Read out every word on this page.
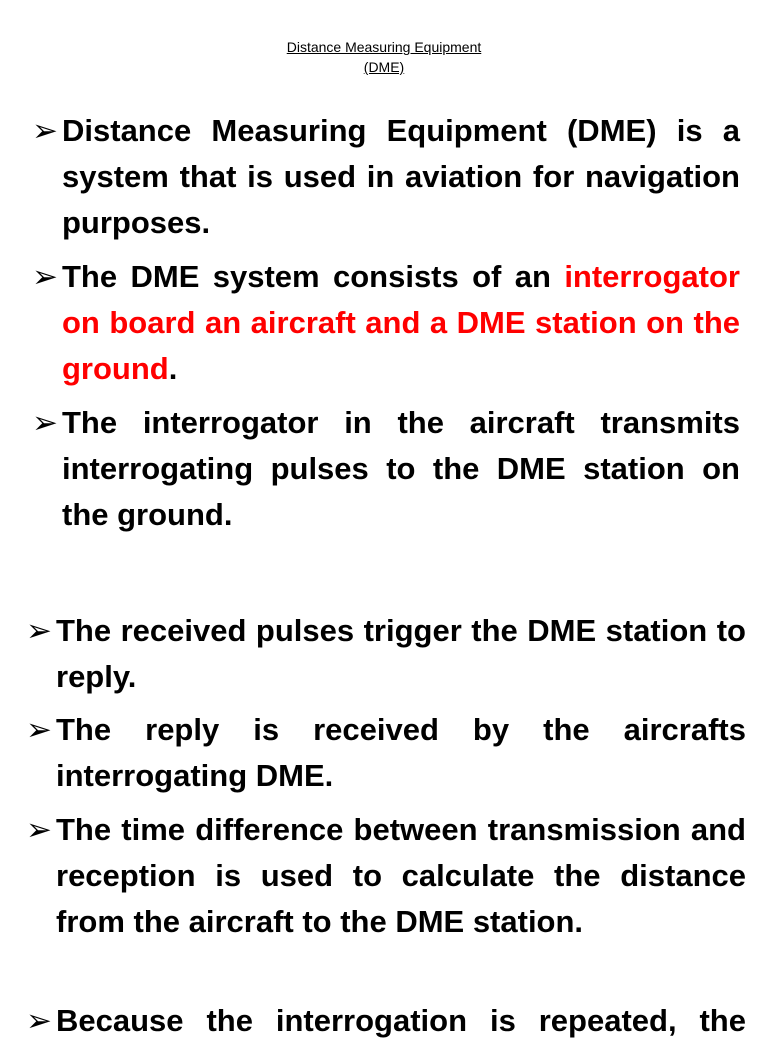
Distance Measuring Equipment
(DME)
➢ Distance Measuring Equipment (DME) is a system that is used in aviation for navigation purposes.
➢ The DME system consists of an interrogator on board an aircraft and a DME station on the ground.
➢ The interrogator in the aircraft transmits interrogating pulses to the DME station on the ground.
➢ The received pulses trigger the DME station to reply.
➢ The reply is received by the aircrafts interrogating DME.
➢ The time difference between transmission and reception is used to calculate the distance from the aircraft to the DME station.
➢ Because the interrogation is repeated, the
